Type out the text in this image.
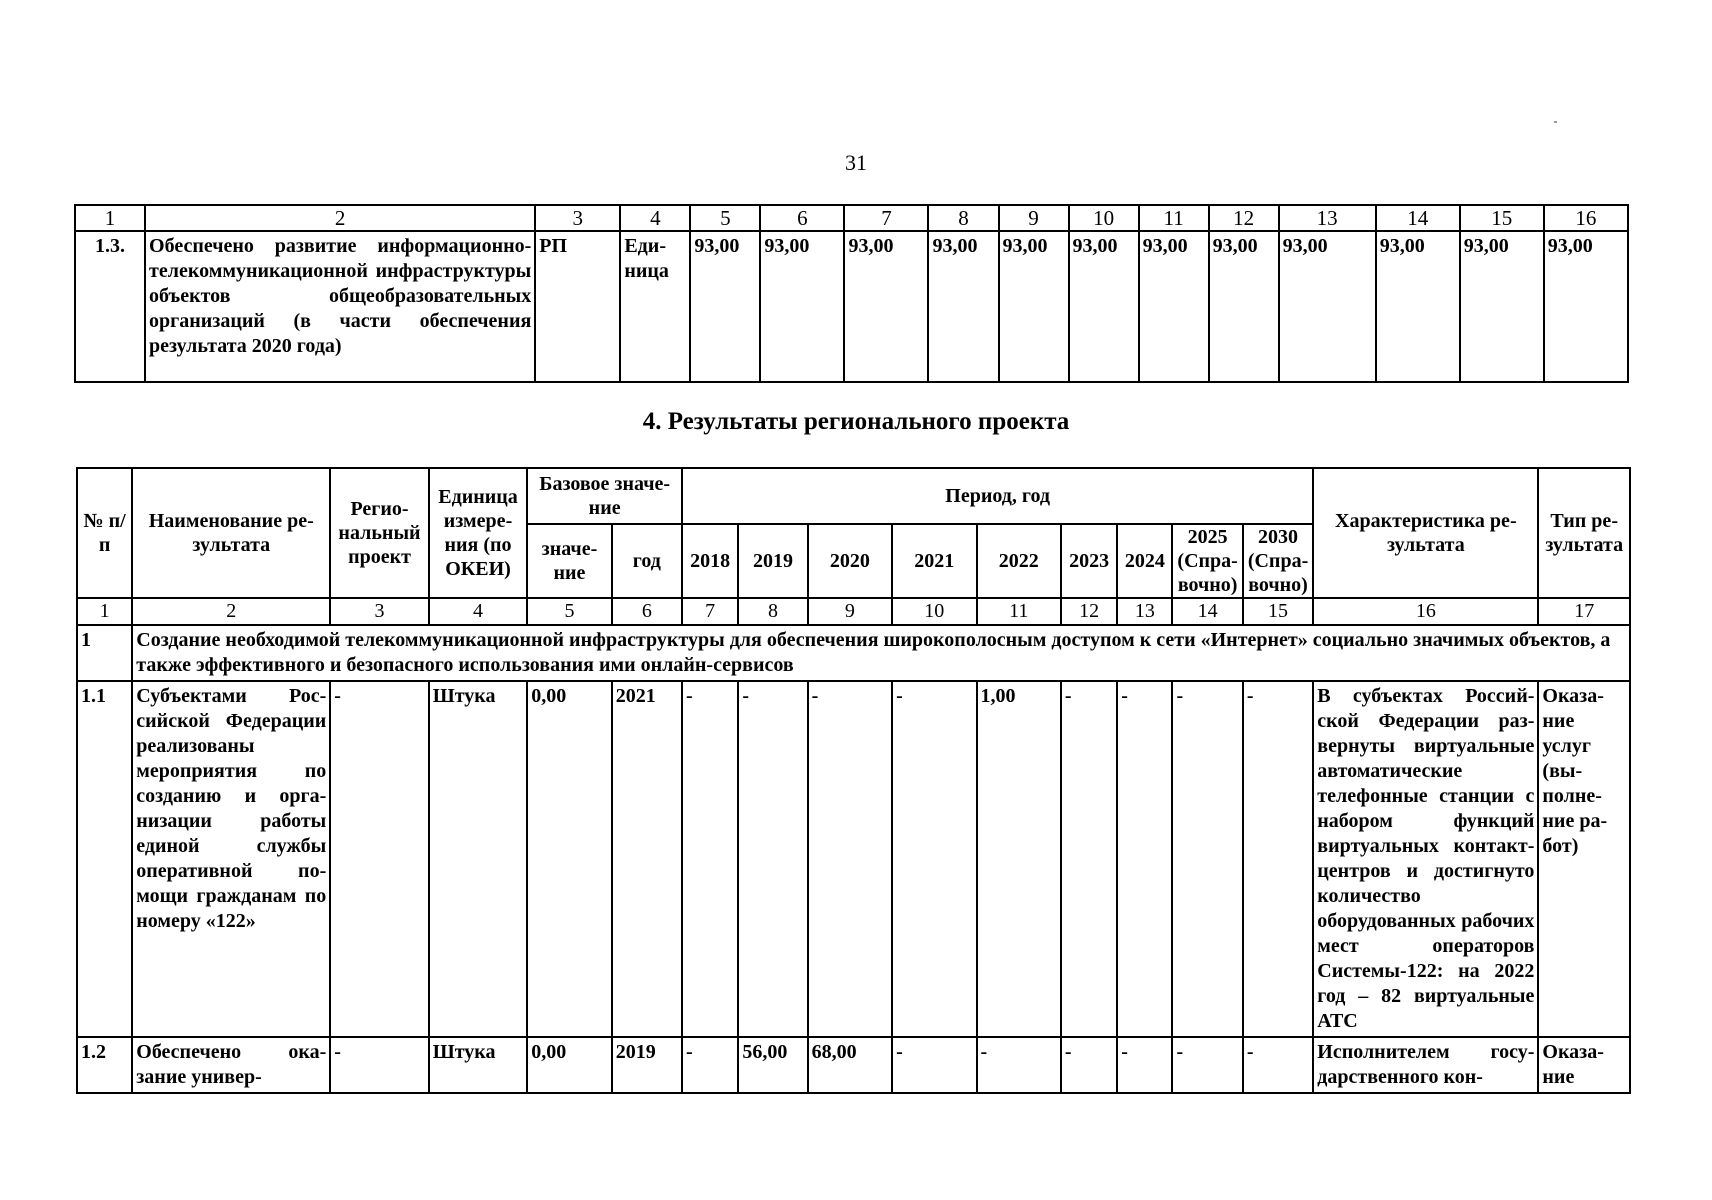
31
1	2	3	4	5	6	7	8	9	10	11	12	13	14	15	16
1.3.	Обеспечено развитие информационно-телекоммуникационной инфраструктуры объектов общеобразовательных организаций (в части обеспечения результата 2020 года)	РП	Единица	93,00	93,00	93,00	93,00	93,00	93,00	93,00	93,00	93,00	93,00	93,00	93,00
4. Результаты регионального проекта
№ п/п	Наименование результата	Региональный проект	Единица измерения (по ОКЕИ)	Базовое значение		Период, год									Характеристика результата	Тип результата
				значение	год	2018	2019	2020	2021	2022	2023	2024	2025 (Справочно)	2030 (Справочно)		

1	2	3	4	5	6	7	8	9	10	11	12	13	14	15	16	17
1	Создание необходимой телекоммуникационной инфраструктуры для обеспечения широкополосным доступом к сети «Интернет» социально значимых объектов, а также эффективного и безопасного использования ими онлайн-сервисов															
1.1	Субъектами Российской Федерации реализованы мероприятия по созданию и организации работы единой службы оперативной помощи гражданам по номеру «122»	-	Штука	0,00	2021	-	-	-	-	1,00	-	-	-	-	В субъектах Российской Федерации развернуты виртуальные автоматические телефонные станции с набором функций виртуальных контакт-центров и достигнуто количество оборудованных рабочих мест операторов Системы-122: на 2022 год – 82 виртуальные АТС	Оказание услуг (выполнение работ)
1.2	Обеспечено оказание универ-	-	Штука	0,00	2019	-	56,00	68,00	-	-	-	-	-	-	Исполнителем государственного кон-	Оказание
